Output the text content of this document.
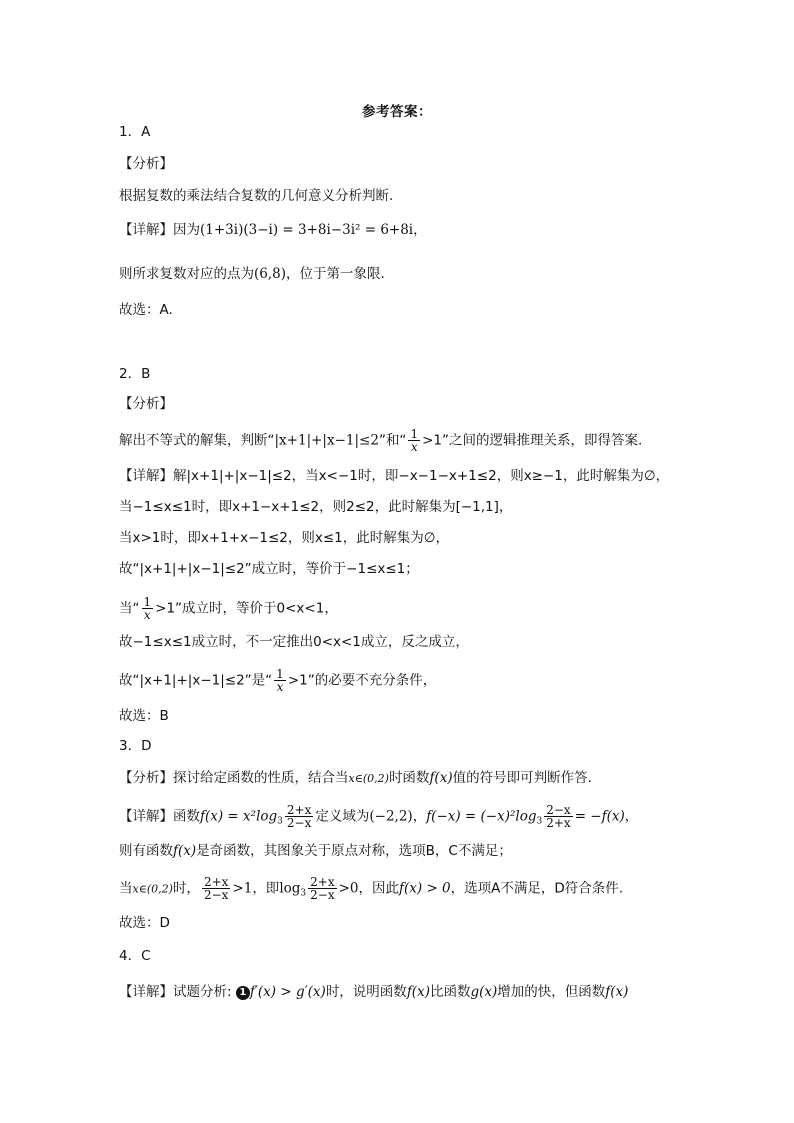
参考答案：
1．A
【分析】
根据复数的乘法结合复数的几何意义分析判断.
【详解】因为(1+3i)(3−i) = 3+8i−3i² = 6+8i，
则所求复数对应的点为(6,8)，位于第一象限.
故选：A.
2．B
【分析】
解出不等式的解集，判断“|x+1|+|x−1|≤2”和“ $\frac{1}{x} >1$”之间的逻辑推理关系，即得答案.
【详解】解|x+1|+|x−1|≤2，当x<−1时，即−x−1−x+1≤2，则x≥−1，此时解集为∅，
当−1≤x≤1时，即x+1−x+1≤2，则2≤2，此时解集为[−1,1]，
当x>1时，即x+1+x−1≤2，则x≤1，此时解集为∅，
故“|x+1|+|x−1|≤2”成立时，等价于−1≤x≤1；
当“ $\frac{1}{x} >1$”成立时，等价于0<x<1，
故−1≤x≤1成立时，不一定推出0<x<1成立，反之成立，
故“|x+1|+|x−1|≤2”是“ $\frac{1}{x} >1$”的必要不充分条件，
故选：B
3．D
【分析】探讨给定函数的性质，结合当x∈(0,2)时函数f(x)值的符号即可判断作答.
【详解】函数$f(x) = x^2\log_3 \frac{2+x}{2-x}$ 定义域为(−2,2)，$f(-x) = (-x)^2\log_3 \frac{2-x}{2+x} = -f(x)$，
则有函数f(x)是奇函数，其图象关于原点对称，选项B，C不满足；
当x∈(0,2)时， $\frac{2+x}{2-x} >1$，即$\log_3 \frac{2+x}{2-x} >0$，因此f(x) > 0，选项A不满足，D符合条件.
故选：D
4．C
【详解】试题分析: 1 f′(x) > g′(x)时，说明函数f(x)比函数g(x)增加的快，但函数f(x)
